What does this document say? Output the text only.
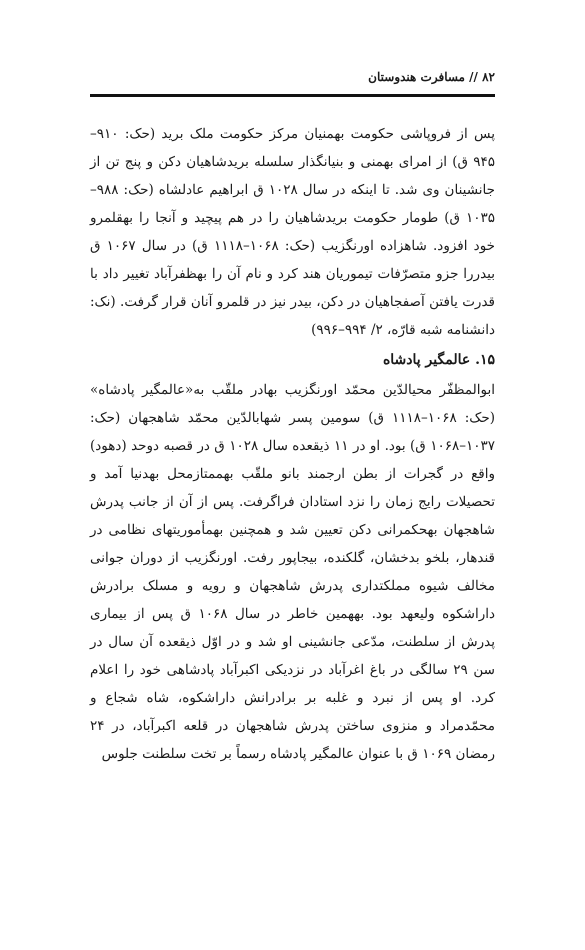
۸۲ // مسافرت هندوستان

پس از فروپاشی حکومت بهمنیان مرکز حکومت ملک برید (حک: ۹۱۰–۹۴۵ ق) از امرای بهمنی و بنیانگذار سلسله بریدشاهیان دکن و پنج تن از جانشینان وی شد. تا اینکه در سال ۱۰۲۸ ق ابراهیم عادلشاه (حک: ۹۸۸–۱۰۳۵ ق) طومار حکومت بریدشاهیان را در هم پیچید و آنجا را بهقلمرو خود افزود. شاهزاده اورنگزیب (حک: ۱۰۶۸–۱۱۱۸ ق) در سال ۱۰۶۷ ق بیدررا جزو متصرّفات تیموریان هند کرد و نام آن را بهظفرآباد تغییر داد با قدرت یافتن آصفجاهیان در دکن، بیدر نیز در قلمرو آنان قرار گرفت. (نک: دانشنامه شبه قارّه، ۲/ ۹۹۴–۹۹۶)

۱۵. عالمگیر پادشاه

ابوالمظفّر محیالدّین محمّد اورنگزیب بهادر ملقّب به«عالمگیر پادشاه» (حک: ۱۰۶۸–۱۱۱۸ ق) سومین پسر شهابالدّین محمّد شاهجهان (حک: ۱۰۳۷–۱۰۶۸ ق) بود. او در ۱۱ ذیقعده سال ۱۰۲۸ ق در قصبه دوحد (دهود) واقع در گجرات از بطن ارجمند بانو ملقّب بهممتازمحل بهدنیا آمد و تحصیلات رایج زمان را نزد استادان فراگرفت. پس از آن از جانب پدرش شاهجهان بهحکمرانی دکن تعیین شد و همچنین بهمأموریتهای نظامی در قندهار، بلخو بدخشان، گلکنده، بیجاپور رفت. اورنگزیب از دوران جوانی مخالف شیوه مملکتداری پدرش شاهجهان و رویه و مسلک برادرش داراشکوه ولیعهد بود. بههمین خاطر در سال ۱۰۶۸ ق پس از بیماری پدرش از سلطنت، مدّعی جانشینی او شد و در اوّل ذیقعده آن سال در سن ۲۹ سالگی در باغ اغرآباد در نزدیکی اکبرآباد پادشاهی خود را اعلام کرد. او پس از نبرد و غلبه بر برادرانش داراشکوه، شاه شجاع و محمّدمراد و منزوی ساختن پدرش شاهجهان در قلعه اکبرآباد، در ۲۴ رمضان ۱۰۶۹ ق با عنوان عالمگیر پادشاه رسماً بر تخت سلطنت جلوس
